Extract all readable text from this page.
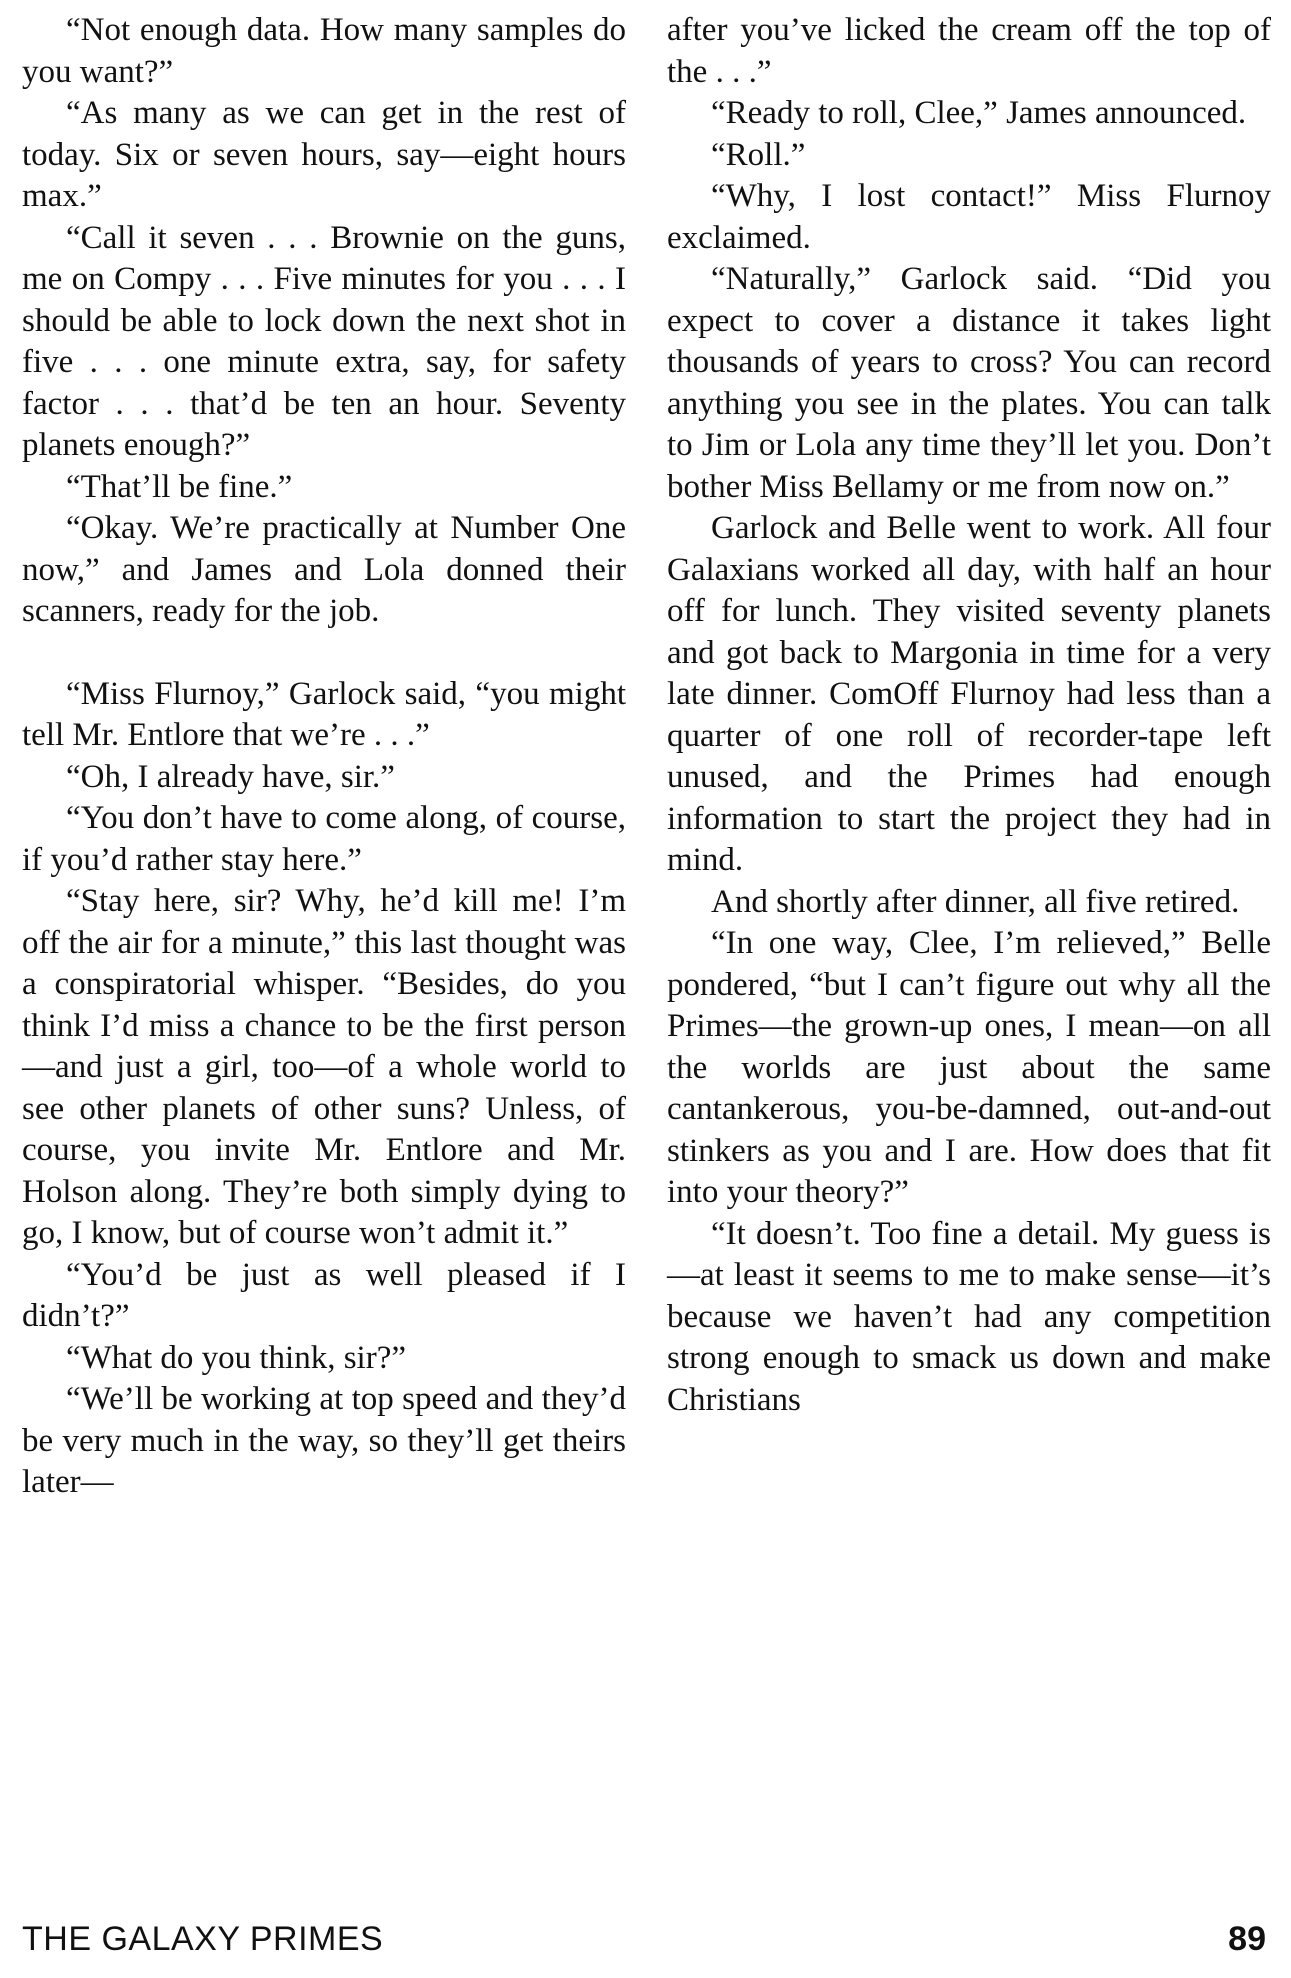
“Not enough data. How many samples do you want?”

“As many as we can get in the rest of today. Six or seven hours, say—eight hours max.”

“Call it seven . . . Brownie on the guns, me on Compy . . . Five minutes for you . . . I should be able to lock down the next shot in five . . . one minute extra, say, for safety factor . . . that’d be ten an hour. Seventy planets enough?”

“That’ll be fine.”

“Okay. We’re practically at Number One now,” and James and Lola donned their scanners, ready for the job.

“Miss Flurnoy,” Garlock said, “you might tell Mr. Entlore that we’re . . .”

“Oh, I already have, sir.”

“You don’t have to come along, of course, if you’d rather stay here.”

“Stay here, sir? Why, he’d kill me! I’m off the air for a minute,” this last thought was a conspiratorial whisper. “Besides, do you think I’d miss a chance to be the first person—and just a girl, too—of a whole world to see other planets of other suns? Unless, of course, you invite Mr. Entlore and Mr. Holson along. They’re both simply dying to go, I know, but of course won’t admit it.”

“You’d be just as well pleased if I didn’t?”

“What do you think, sir?”

“We’ll be working at top speed and they’d be very much in the way, so they’ll get theirs later—

after you’ve licked the cream off the top of the . . .”

“Ready to roll, Clee,” James announced.

“Roll.”

“Why, I lost contact!” Miss Flurnoy exclaimed.

“Naturally,” Garlock said. “Did you expect to cover a distance it takes light thousands of years to cross? You can record anything you see in the plates. You can talk to Jim or Lola any time they’ll let you. Don’t bother Miss Bellamy or me from now on.”

Garlock and Belle went to work. All four Galaxians worked all day, with half an hour off for lunch. They visited seventy planets and got back to Margonia in time for a very late dinner. ComOff Flurnoy had less than a quarter of one roll of recorder-tape left unused, and the Primes had enough information to start the project they had in mind.

And shortly after dinner, all five retired.

“In one way, Clee, I’m relieved,” Belle pondered, “but I can’t figure out why all the Primes—the grown-up ones, I mean—on all the worlds are just about the same cantankerous, you-be-damned, out-and-out stinkers as you and I are. How does that fit into your theory?”

“It doesn’t. Too fine a detail. My guess is—at least it seems to me to make sense—it’s because we haven’t had any competition strong enough to smack us down and make Christians

THE GALAXY PRIMES	89
